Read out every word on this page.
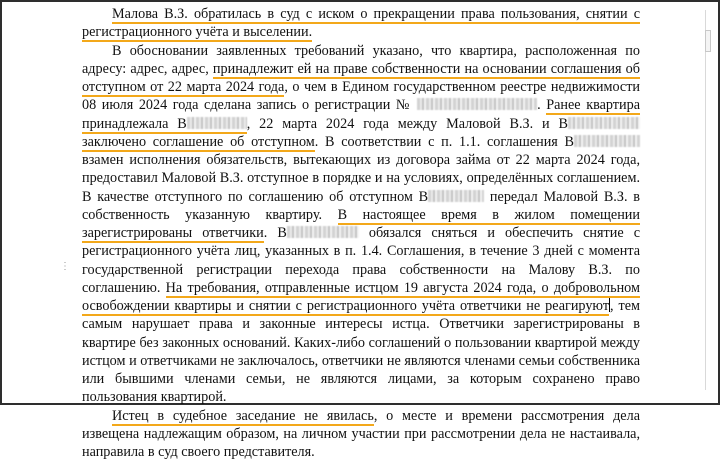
⋮

Малова В.З. обратилась в суд с иском о прекращении права пользования, снятии с регистрационного учёта и выселении.

В обосновании заявленных требований указано, что квартира, расположенная по адресу: адрес, адрес, принадлежит ей на праве собственности на основании соглашения об отступном от 22 марта 2024 года, о чем в Едином государственном реестре недвижимости 08 июля 2024 года сделана запись о регистрации №	. Ранее квартира принадлежала В	, 22 марта 2024 года между Маловой В.З. и В заключено соглашение об отступном. В соответствии с п. 1.1. соглашения В взамен исполнения обязательств, вытекающих из договора займа от 22 марта 2024 года, предоставил Маловой В.З. отступное в порядке и на условиях, определённых соглашением. В качестве отступного по соглашению об отступном В	передал Маловой В.З. в собственность указанную квартиру. В настоящее время в жилом помещении зарегистрированы ответчики. В	обязался сняться и обеспечить снятие с регистрационного учёта лиц, указанных в п. 1.4. Соглашения, в течение 3 дней с момента государственной регистрации перехода права собственности на Малову В.З. по соглашению. На требования, отправленные истцом 19 августа 2024 года, о добровольном освобождении квартиры и снятии с регистрационного учёта ответчики не реагируют, тем самым нарушает права и законные интересы истца. Ответчики зарегистрированы в квартире без законных оснований. Каких-либо соглашений о пользовании квартирой между истцом и ответчиками не заключалось, ответчики не являются членами семьи собственника или бывшими членами семьи, не являются лицами, за которым сохранено право пользования квартирой.

Истец в судебное заседание не явилась, о месте и времени рассмотрения дела извещена надлежащим образом, на личном участии при рассмотрении дела не настаивала, направила в суд своего представителя.
